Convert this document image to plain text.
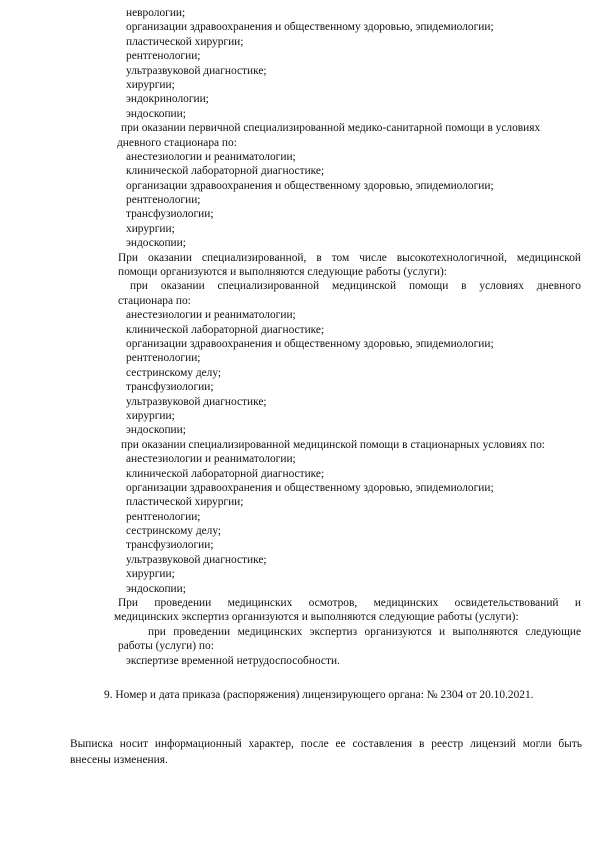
неврологии;
организации здравоохранения и общественному здоровью, эпидемиологии;
пластической хирургии;
рентгенологии;
ультразвуковой диагностике;
хирургии;
эндокринологии;
эндоскопии;
при оказании первичной специализированной медико-санитарной помощи в условиях
дневного стационара по:
анестезиологии и реаниматологии;
клинической лабораторной диагностике;
организации здравоохранения и общественному здоровью, эпидемиологии;
рентгенологии;
трансфузиологии;
хирургии;
эндоскопии;
При оказании специализированной, в том числе высокотехнологичной, медицинской
помощи организуются и выполняются следующие работы (услуги):
при оказании специализированной медицинской помощи в условиях дневного
стационара по:
анестезиологии и реаниматологии;
клинической лабораторной диагностике;
организации здравоохранения и общественному здоровью, эпидемиологии;
рентгенологии;
сестринскому делу;
трансфузиологии;
ультразвуковой диагностике;
хирургии;
эндоскопии;
при оказании специализированной медицинской помощи в стационарных условиях по:
анестезиологии и реаниматологии;
клинической лабораторной диагностике;
организации здравоохранения и общественному здоровью, эпидемиологии;
пластической хирургии;
рентгенологии;
сестринскому делу;
трансфузиологии;
ультразвуковой диагностике;
хирургии;
эндоскопии;
При проведении медицинских осмотров, медицинских освидетельствований и
медицинских экспертиз организуются и выполняются следующие работы (услуги):
при проведении медицинских экспертиз организуются и выполняются следующие
работы (услуги) по:
экспертизе временной нетрудоспособности.
9. Номер и дата приказа (распоряжения) лицензирующего органа: № 2304 от 20.10.2021.
Выписка носит информационный характер, после ее составления в реестр лицензий могли быть
внесены изменения.
